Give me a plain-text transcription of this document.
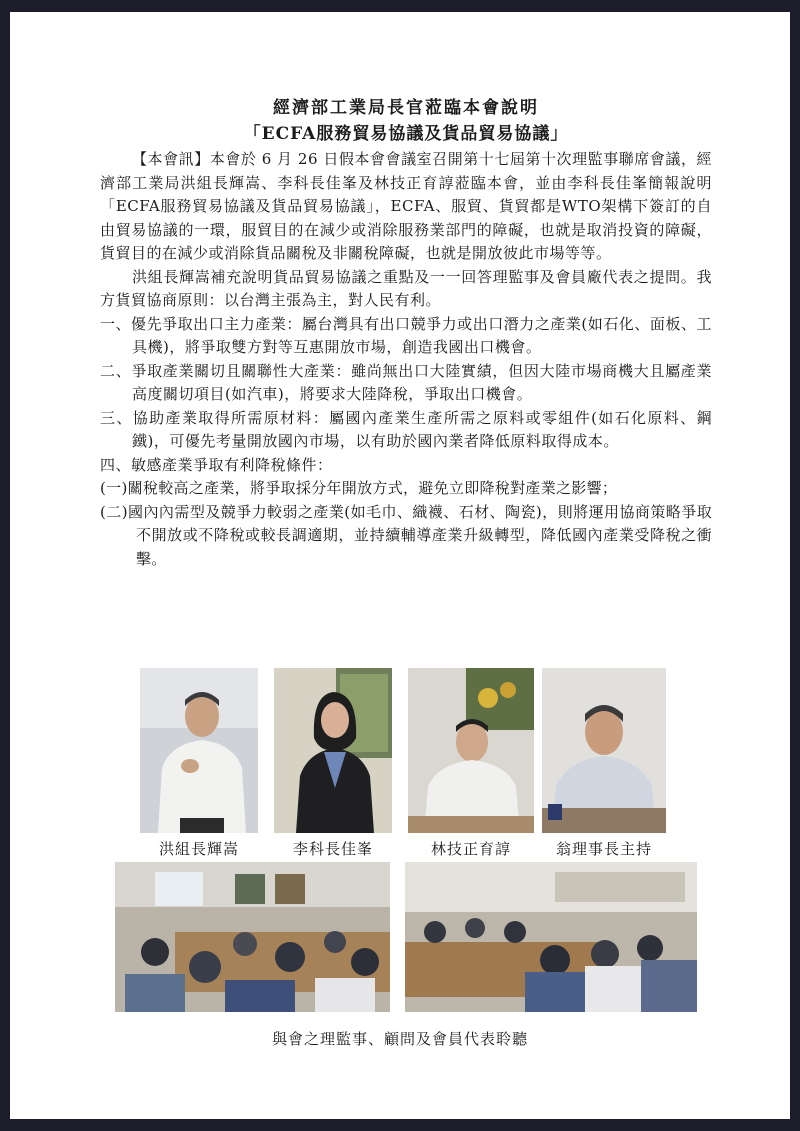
經濟部工業局長官蒞臨本會說明
「ECFA服務貿易協議及貨品貿易協議」

【本會訊】本會於 6 月 26 日假本會會議室召開第十七屆第十次理監事聯席會議，經濟部工業局洪組長輝嵩、李科長佳峯及林技正育諄蒞臨本會，並由李科長佳峯簡報說明「ECFA服務貿易協議及貨品貿易協議」，ECFA、服貿、貨貿都是WTO架構下簽訂的自由貿易協議的一環，服貿目的在減少或消除服務業部門的障礙，也就是取消投資的障礙，貨貿目的在減少或消除貨品關稅及非關稅障礙，也就是開放彼此市場等等。

洪組長輝嵩補充說明貨品貿易協議之重點及一一回答理監事及會員廠代表之提問。我方貨貿協商原則：以台灣主張為主，對人民有利。

一、優先爭取出口主力產業：屬台灣具有出口競爭力或出口潛力之產業(如石化、面板、工具機)，將爭取雙方對等互惠開放市場，創造我國出口機會。

二、爭取產業關切且關聯性大產業：雖尚無出口大陸實績，但因大陸市場商機大且屬產業高度關切項目(如汽車)，將要求大陸降稅，爭取出口機會。

三、協助產業取得所需原材料：屬國內產業生產所需之原料或零組件(如石化原料、鋼鐵)，可優先考量開放國內市場，以有助於國內業者降低原料取得成本。

四、敏感產業爭取有利降稅條件：

(一)關稅較高之產業，將爭取採分年開放方式，避免立即降稅對產業之影響；

(二)國內內需型及競爭力較弱之產業(如毛巾、織襪、石材、陶瓷)，則將運用協商策略爭取不開放或不降稅或較長調適期，並持續輔導產業升級轉型，降低國內產業受降稅之衝擊。

洪組長輝嵩	李科長佳峯	林技正育諄	翁理事長主持
與會之理監事、顧問及會員代表聆聽
